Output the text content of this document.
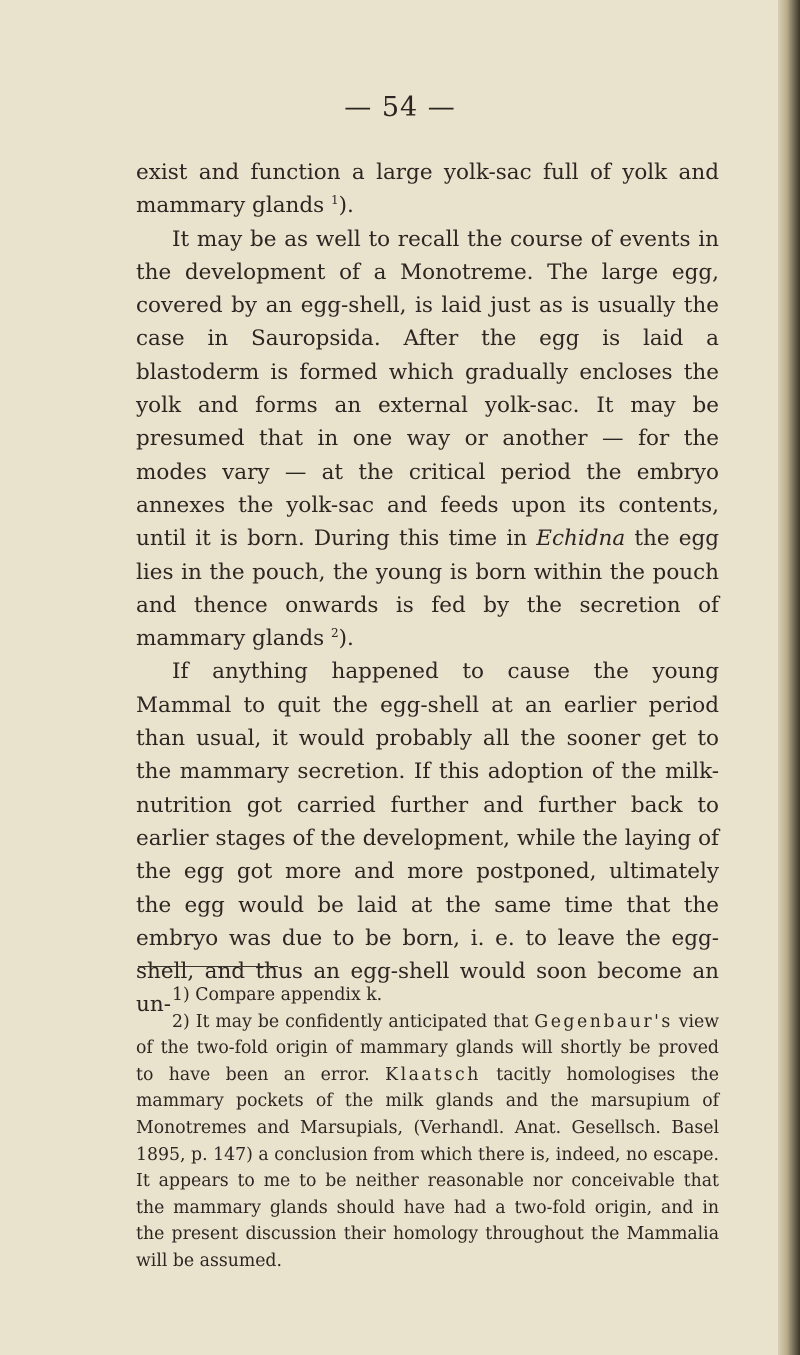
— 54 —

exist and function a large yolk-sac full of yolk and mammary glands $^1$).

It may be as well to recall the course of events in the development of a Monotreme. The large egg, covered by an egg-shell, is laid just as is usually the case in Sauropsida. After the egg is laid a blastoderm is formed which gradually encloses the yolk and forms an external yolk-sac. It may be presumed that in one way or another — for the modes vary — at the critical period the embryo annexes the yolk-sac and feeds upon its contents, until it is born. During this time in Echidna the egg lies in the pouch, the young is born within the pouch and thence onwards is fed by the secretion of mammary glands $^2$).

If anything happened to cause the young Mammal to quit the egg-shell at an earlier period than usual, it would probably all the sooner get to the mammary secretion. If this adoption of the milk-nutrition got carried further and further back to earlier stages of the development, while the laying of the egg got more and more postponed, ultimately the egg would be laid at the same time that the embryo was due to be born, i. e. to leave the egg-shell, and thus an egg-shell would soon become an un- 1) Compare appendix k.

2) It may be confidently anticipated that Gegenbaur's view of the two-fold origin of mammary glands will shortly be proved to have been an error. Klaatsch tacitly homologises the mammary pockets of the milk glands and the marsupium of Monotremes and Marsupials, (Verhandl. Anat. Gesellsch. Basel 1895, p. 147) a conclusion from which there is, indeed, no escape. It appears to me to be neither reasonable nor conceivable that the mammary glands should have had a two-fold origin, and in the present discussion their homology throughout the Mammalia will be assumed.
